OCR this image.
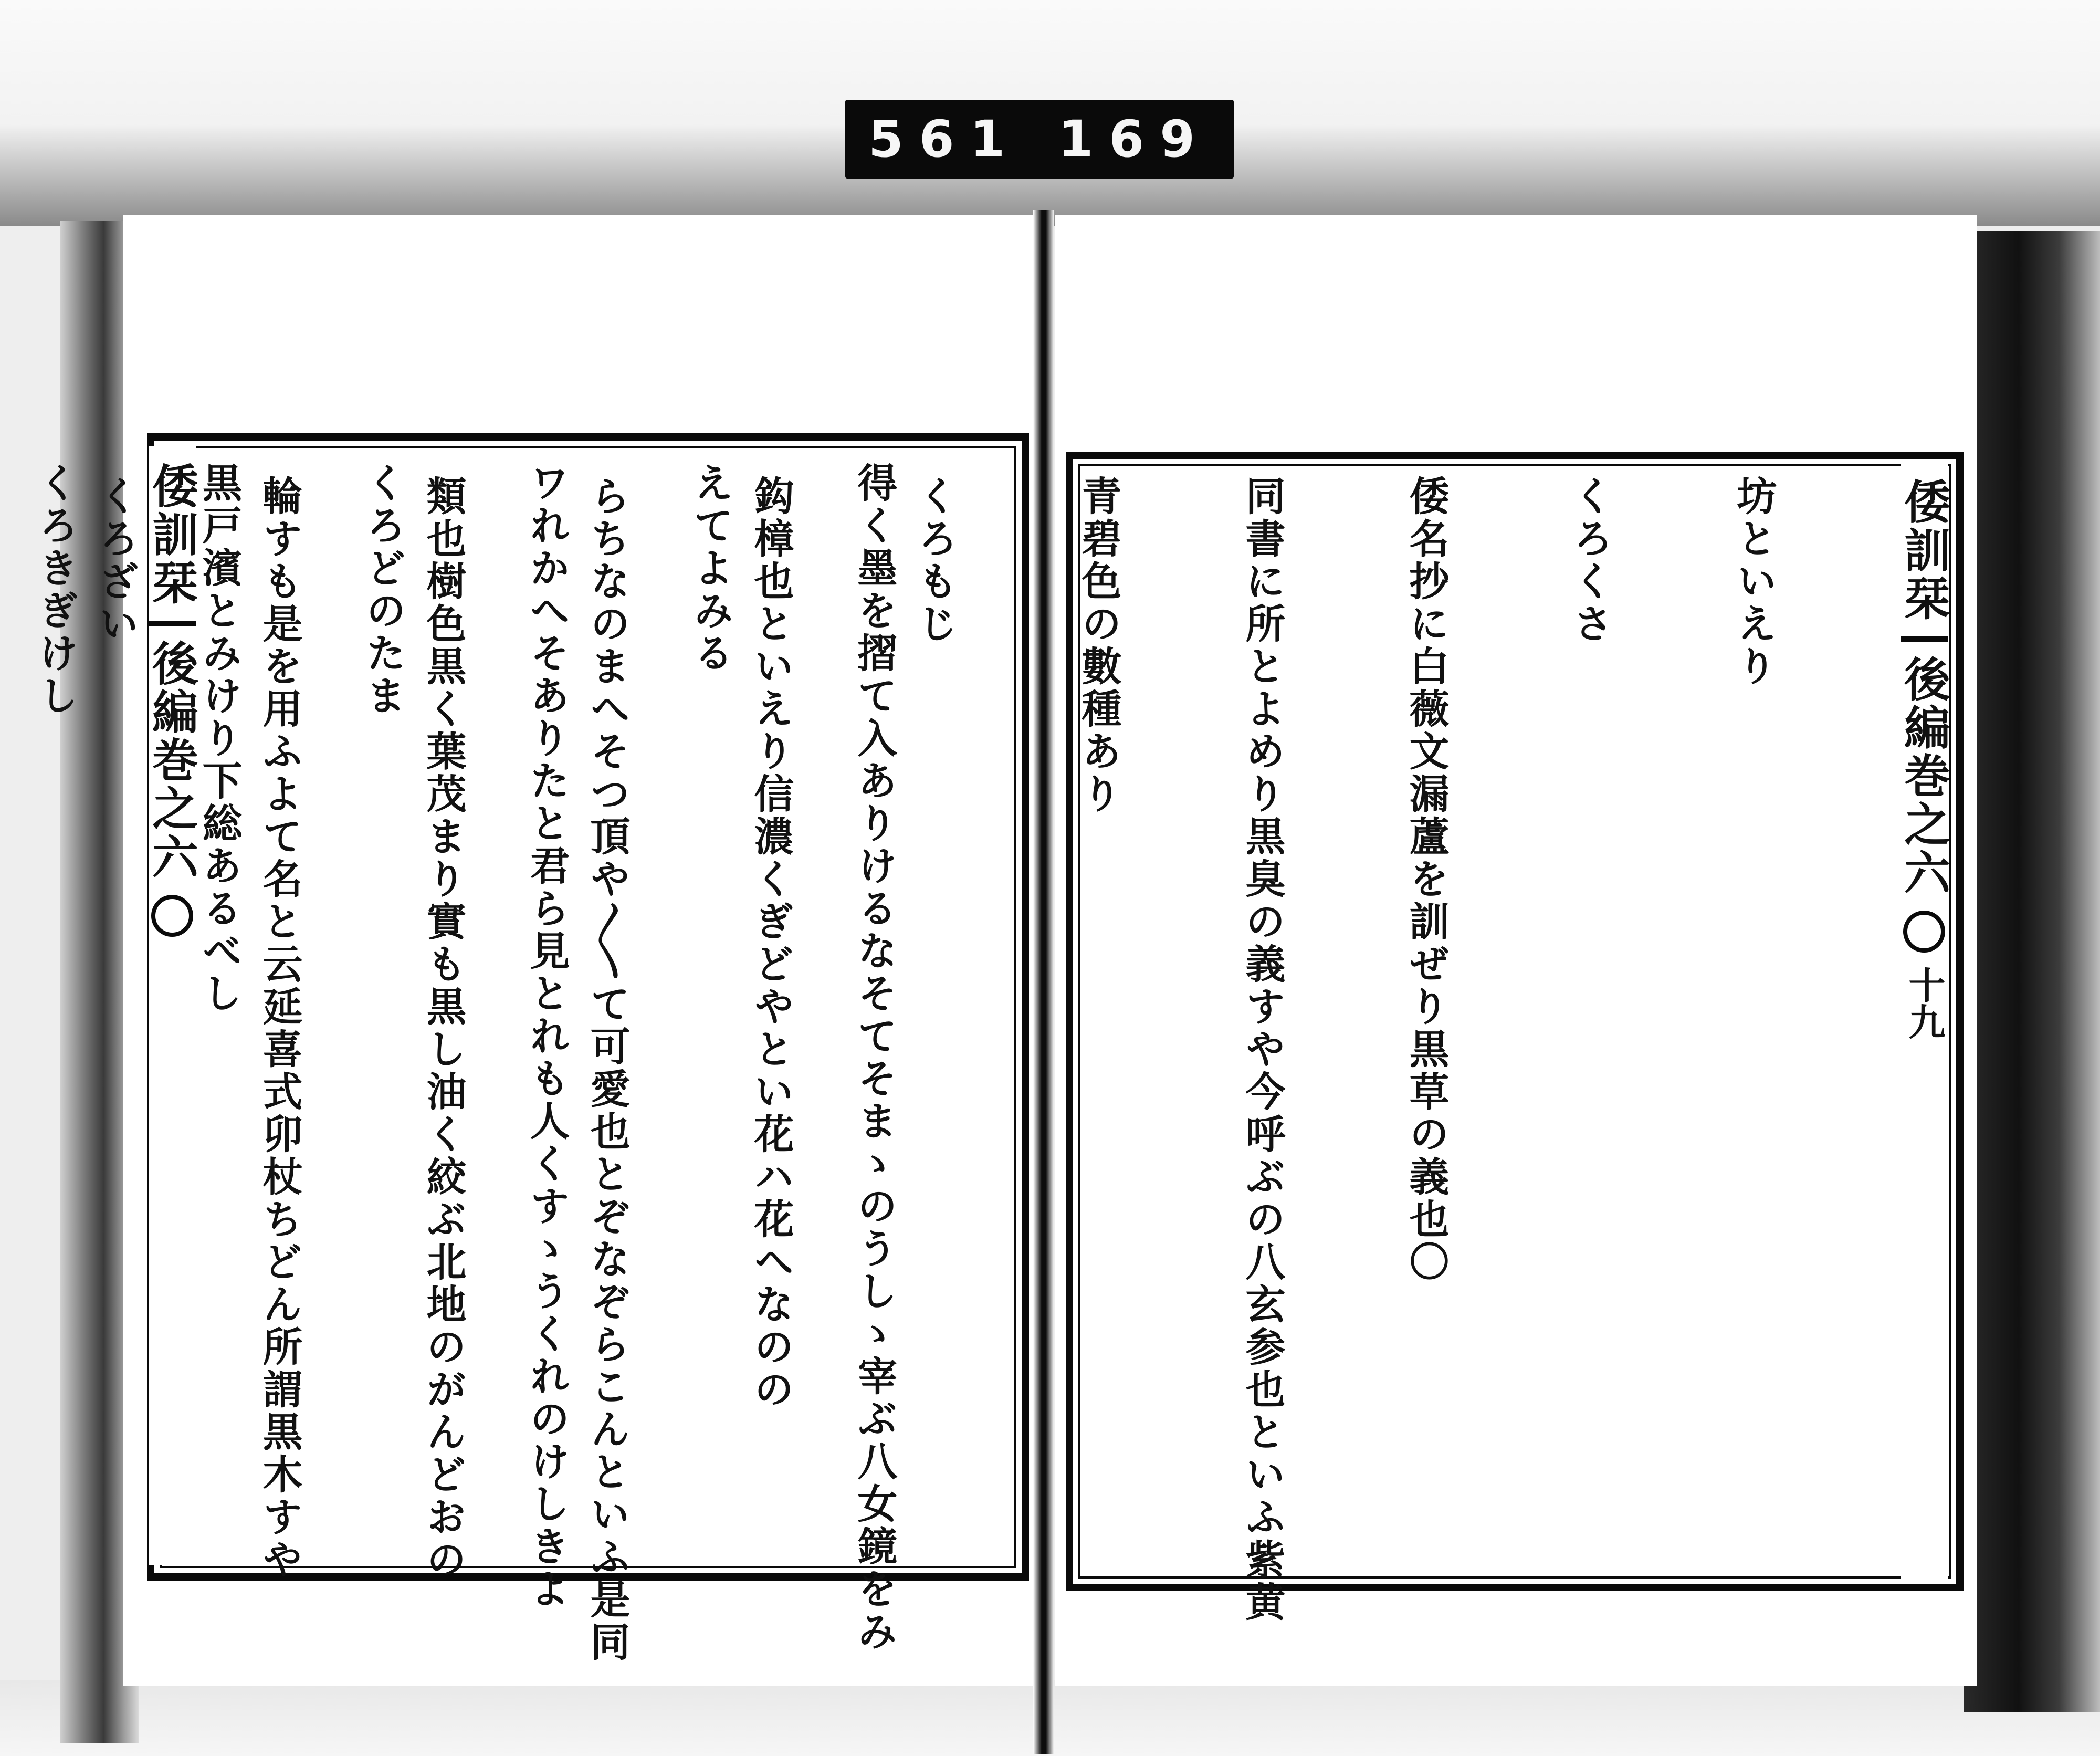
561 169
倭訓栞
後編巻之六

	得く墨を摺て入ありけるなそてそまゝのうしゝ宰ぶ八女鏡をみ

えてよみる

ワれかへそありたと君ら見とれも人くすゝうくれのけしきよ

くろどのたま

黒戸濱とみけり下総あるべし

くろきぎけし

	倭訓栞
後編巻之六
十九

坊といえり

くろくさ

倭名抄に白薇文漏蘆を訓ぜり黒草の義也〇

同書に所とよめり黒臭の義すや今呼ぶの八玄参也といふ紫黄

青碧色の數種あり

くろもじ

鈎樟也といえり信濃くぎどやとい花ハ花へなのの

らちなのまへそつ頂や〳〵て可愛也とぞなぞらこんといふ是同

類也樹色黒く葉茂まり實も黒し油く絞ぶ北地のがんどおの

輪すも是を用ふよて名と云延喜式卯杖ちどん所謂黒木すや

くろざい
